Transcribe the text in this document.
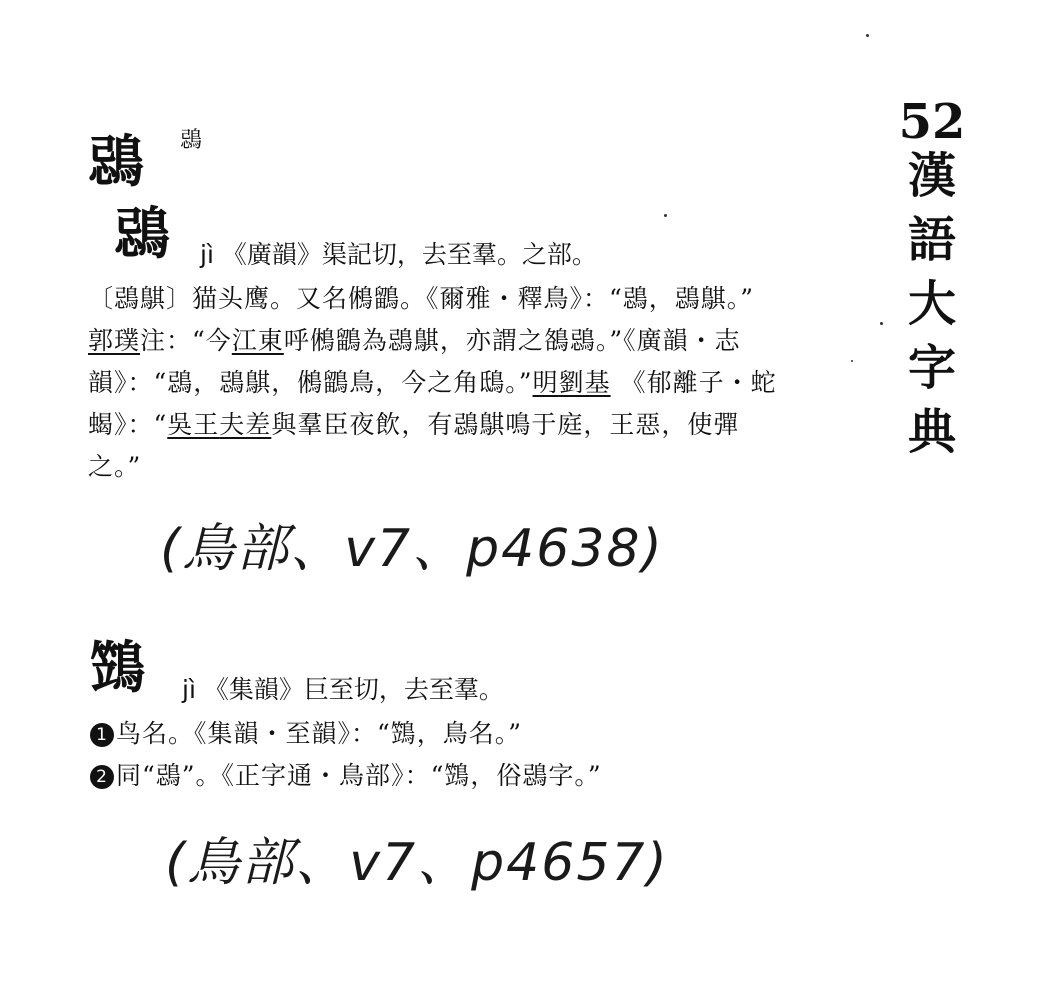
52
漢
語
大
字
典
鵋 鵋
鵋 jì 《廣韻》渠記切，去至羣。之部。
〔鵋鶀〕猫头鹰。又名鵂鶹。《爾雅・釋鳥》：“鵋，鵋鶀。”
郭璞注：“今江東呼鵂鶹為鵋鶀，亦謂之鵅鵋。”《廣韻・志
韻》：“鵋，鵋鶀，鵂鶹鳥，今之角鴟。”明劉基 《郁離子・蛇
蝎》：“吳王夫差與羣臣夜飲，有鵋鶀鳴于庭，王惡，使彈
之。”
(鳥部、v7、p4638)
鷑 jì 《集韻》巨至切，去至羣。
1 鸟名。《集韻・至韻》：“鷑，鳥名。”
2 同“鵋”。《正字通・鳥部》：“鷑，俗鵋字。”
(鳥部、v7、p4657)
